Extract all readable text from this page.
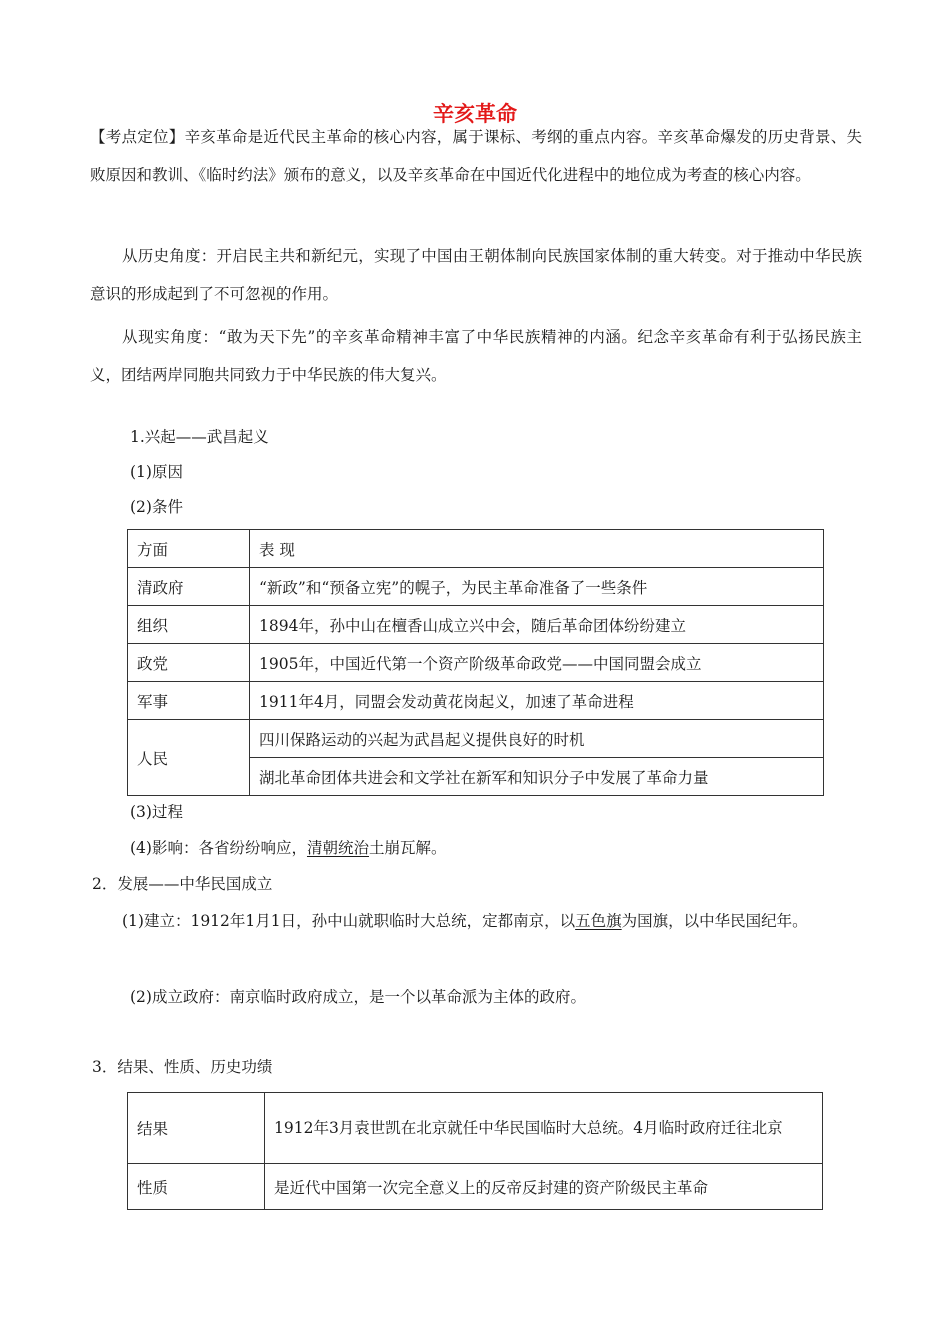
辛亥革命
【考点定位】辛亥革命是近代民主革命的核心内容，属于课标、考纲的重点内容。辛亥革命爆发的历史背景、失败原因和教训、《临时约法》颁布的意义，以及辛亥革命在中国近代化进程中的地位成为考查的核心内容。
从历史角度：开启民主共和新纪元，实现了中国由王朝体制向民族国家体制的重大转变。对于推动中华民族意识的形成起到了不可忽视的作用。
从现实角度：“敢为天下先”的辛亥革命精神丰富了中华民族精神的内涵。纪念辛亥革命有利于弘扬民族主义，团结两岸同胞共同致力于中华民族的伟大复兴。
1.兴起——武昌起义
(1)原因
(2)条件
方面	表 现
清政府	“新政”和“预备立宪”的幌子，为民主革命准备了一些条件
组织	1894年，孙中山在檀香山成立兴中会，随后革命团体纷纷建立
政党	1905年，中国近代第一个资产阶级革命政党——中国同盟会成立
军事	1911年4月，同盟会发动黄花岗起义，加速了革命进程
人民	四川保路运动的兴起为武昌起义提供良好的时机
	湖北革命团体共进会和文学社在新军和知识分子中发展了革命力量
(3)过程
(4)影响：各省纷纷响应，清朝统治土崩瓦解。
2．发展——中华民国成立
(1)建立：1912年1月1日，孙中山就职临时大总统，定都南京，以五色旗为国旗，以中华民国纪年。
(2)成立政府：南京临时政府成立，是一个以革命派为主体的政府。
3．结果、性质、历史功绩
结果	1912年3月袁世凯在北京就任中华民国临时大总统。4月临时政府迁往北京
性质	是近代中国第一次完全意义上的反帝反封建的资产阶级民主革命
